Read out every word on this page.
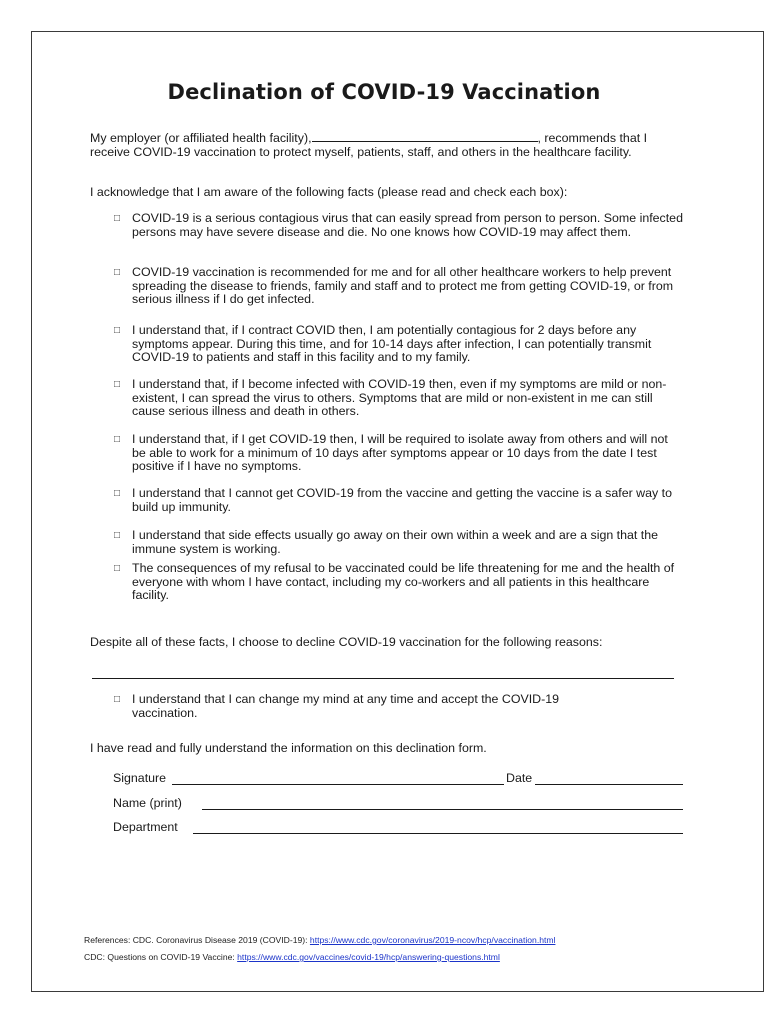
Declination of COVID-19 Vaccination
My employer (or affiliated health facility),	, recommends that I receive COVID-19 vaccination to protect myself, patients, staff, and others in the healthcare facility.
I acknowledge that I am aware of the following facts (please read and check each box):
□ COVID-19 is a serious contagious virus that can easily spread from person to person. Some infected persons may have severe disease and die. No one knows how COVID-19 may affect them.
□ COVID-19 vaccination is recommended for me and for all other healthcare workers to help prevent spreading the disease to friends, family and staff and to protect me from getting COVID-19, or from serious illness if I do get infected.
□ I understand that, if I contract COVID then, I am potentially contagious for 2 days before any symptoms appear. During this time, and for 10-14 days after infection, I can potentially transmit COVID-19 to patients and staff in this facility and to my family.
□ I understand that, if I become infected with COVID-19 then, even if my symptoms are mild or non-existent, I can spread the virus to others. Symptoms that are mild or non-existent in me can still cause serious illness and death in others.
□ I understand that, if I get COVID-19 then, I will be required to isolate away from others and will not be able to work for a minimum of 10 days after symptoms appear or 10 days from the date I test positive if I have no symptoms.
□ I understand that I cannot get COVID-19 from the vaccine and getting the vaccine is a safer way to build up immunity.
□ I understand that side effects usually go away on their own within a week and are a sign that the immune system is working.
□ The consequences of my refusal to be vaccinated could be life threatening for me and the health of everyone with whom I have contact, including my co-workers and all patients in this healthcare facility.
Despite all of these facts, I choose to decline COVID-19 vaccination for the following reasons:
□ I understand that I can change my mind at any time and accept the COVID-19 vaccination.
I have read and fully understand the information on this declination form.
Signature	Date
Name (print)
Department
References: CDC. Coronavirus Disease 2019 (COVID-19): https://www.cdc.gov/coronavirus/2019-ncov/hcp/vaccination.html
CDC: Questions on COVID-19 Vaccine: https://www.cdc.gov/vaccines/covid-19/hcp/answering-questions.html
